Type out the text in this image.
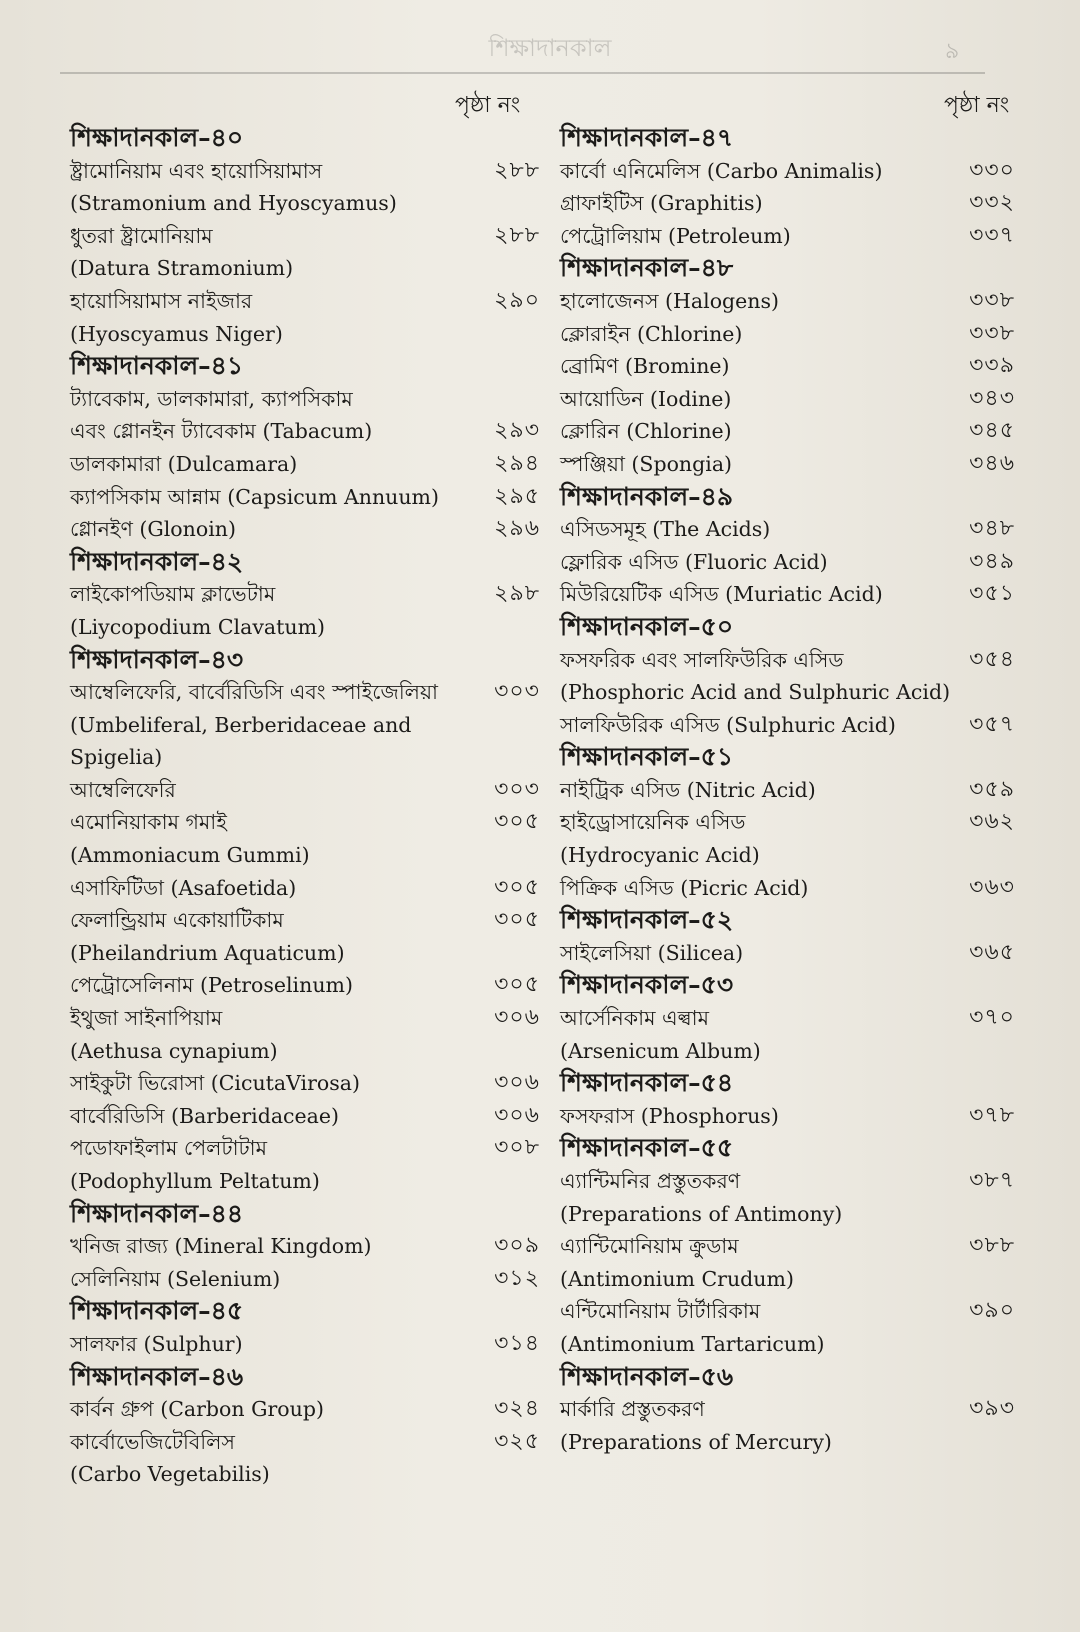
শিক্ষাদানকাল	৯
পৃষ্ঠা নং	পৃষ্ঠা নং
শিক্ষাদানকাল–৪০
ষ্ট্রামোনিয়াম এবং হায়োসিয়ামাস	২৮৮
(Stramonium and Hyoscyamus)
ধুতরা ষ্ট্রামোনিয়াম	২৮৮
(Datura Stramonium)
হায়োসিয়ামাস নাইজার	২৯০
(Hyoscyamus Niger)
শিক্ষাদানকাল–৪১
ট্যাবেকাম, ডালকামারা, ক্যাপসিকাম
এবং গ্লোনইন ট্যাবেকাম (Tabacum)	২৯৩
ডালকামারা (Dulcamara)	২৯৪
ক্যাপসিকাম আন্নাম (Capsicum Annuum)	২৯৫
গ্লোনইণ (Glonoin)	২৯৬
শিক্ষাদানকাল–৪২
লাইকোপডিয়াম ক্লাভেটাম	২৯৮
(Liycopodium Clavatum)
শিক্ষাদানকাল–৪৩
আম্বেলিফেরি, বার্বেরিডিসি এবং স্পাইজেলিয়া	৩০৩
(Umbeliferal, Berberidaceae and
Spigelia)
আম্বেলিফেরি	৩০৩
এমোনিয়াকাম গমাই	৩০৫
(Ammoniacum Gummi)
এসাফিটিডা (Asafoetida)	৩০৫
ফেলান্ড্রিয়াম একোয়াটিকাম	৩০৫
(Pheilandrium Aquaticum)
পেট্রোসেলিনাম (Petroselinum)	৩০৫
ইথুজা সাইনাপিয়াম	৩০৬
(Aethusa cynapium)
সাইকুটা ভিরোসা (CicutaVirosa)	৩০৬
বার্বেরিডিসি (Barberidaceae)	৩০৬
পডোফাইলাম পেলটাটাম	৩০৮
(Podophyllum Peltatum)
শিক্ষাদানকাল–৪৪
খনিজ রাজ্য (Mineral Kingdom)	৩০৯
সেলিনিয়াম (Selenium)	৩১২
শিক্ষাদানকাল–৪৫
সালফার (Sulphur)	৩১৪
শিক্ষাদানকাল–৪৬
কার্বন গ্রুপ (Carbon Group)	৩২৪
কার্বোভেজিটেবিলিস	৩২৫
(Carbo Vegetabilis)
শিক্ষাদানকাল–৪৭
কার্বো এনিমেলিস (Carbo Animalis)	৩৩০
গ্রাফাইটিস (Graphitis)	৩৩২
পেট্রোলিয়াম (Petroleum)	৩৩৭
শিক্ষাদানকাল–৪৮
হালোজেনস (Halogens)	৩৩৮
ক্লোরাইন (Chlorine)	৩৩৮
ব্রোমিণ (Bromine)	৩৩৯
আয়োডিন (Iodine)	৩৪৩
ক্লোরিন (Chlorine)	৩৪৫
স্পঞ্জিয়া (Spongia)	৩৪৬
শিক্ষাদানকাল–৪৯
এসিডসমূহ (The Acids)	৩৪৮
ফ্লোরিক এসিড (Fluoric Acid)	৩৪৯
মিউরিয়েটিক এসিড (Muriatic Acid)	৩৫১
শিক্ষাদানকাল–৫০
ফসফরিক এবং সালফিউরিক এসিড	৩৫৪
(Phosphoric Acid and Sulphuric Acid)
সালফিউরিক এসিড (Sulphuric Acid)	৩৫৭
শিক্ষাদানকাল–৫১
নাইট্রিক এসিড (Nitric Acid)	৩৫৯
হাইড্রোসায়েনিক এসিড	৩৬২
(Hydrocyanic Acid)
পিক্রিক এসিড (Picric Acid)	৩৬৩
শিক্ষাদানকাল–৫২
সাইলেসিয়া (Silicea)	৩৬৫
শিক্ষাদানকাল–৫৩
আর্সেনিকাম এল্বাম	৩৭০
(Arsenicum Album)
শিক্ষাদানকাল–৫৪
ফসফরাস (Phosphorus)	৩৭৮
শিক্ষাদানকাল–৫৫
এ্যান্টিমনির প্রস্তুতকরণ	৩৮৭
(Preparations of Antimony)
এ্যান্টিমোনিয়াম ক্রুডাম	৩৮৮
(Antimonium Crudum)
এন্টিমোনিয়াম টার্টারিকাম	৩৯০
(Antimonium Tartaricum)
শিক্ষাদানকাল–৫৬
মার্কারি প্রস্তুতকরণ	৩৯৩
(Preparations of Mercury)
